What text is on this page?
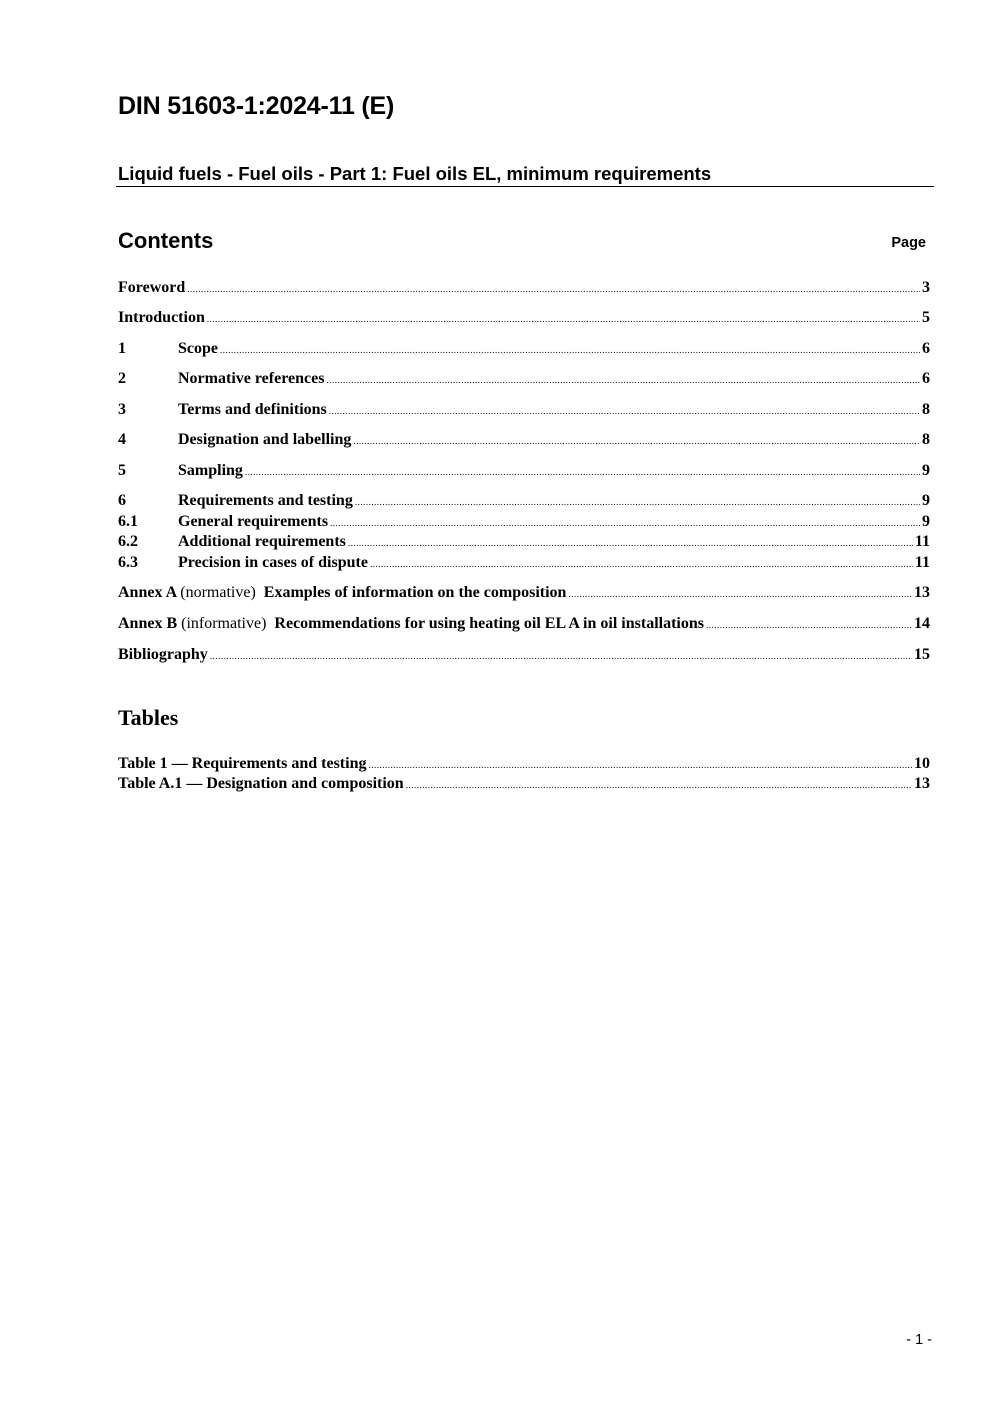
DIN 51603-1:2024-11 (E)
Liquid fuels - Fuel oils - Part 1: Fuel oils EL, minimum requirements
Contents	Page
Foreword .....	3
Introduction .....	5
1	Scope .....	6
2	Normative references .....	6
3	Terms and definitions .....	8
4	Designation and labelling .....	8
5	Sampling .....	9
6	Requirements and testing .....	9
6.1	General requirements .....	9
6.2	Additional requirements .....	11
6.3	Precision in cases of dispute .....	11
Annex A (normative) Examples of information on the composition .....	13
Annex B (informative) Recommendations for using heating oil EL A in oil installations .....	14
Bibliography .....	15
Tables
Table 1 — Requirements and testing .....	10
Table A.1 — Designation and composition .....	13
- 1 -
